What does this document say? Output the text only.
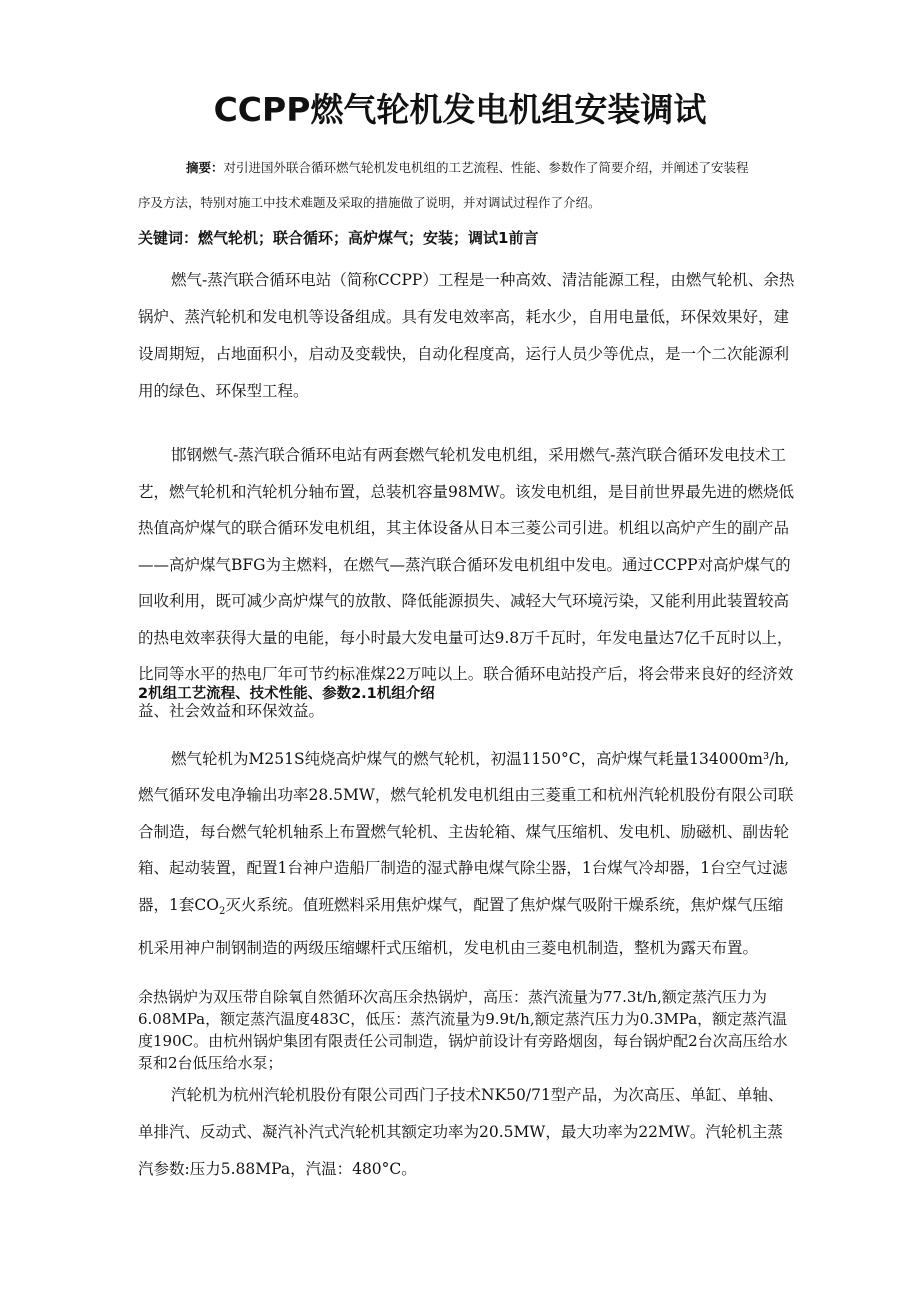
CCPP燃气轮机发电机组安装调试
摘要：对引进国外联合循环燃气轮机发电机组的工艺流程、性能、参数作了简要介绍，并阐述了安装程
序及方法，特别对施工中技术难题及采取的措施做了说明，并对调试过程作了介绍。
关键词：燃气轮机；联合循环；高炉煤气；安装；调试1前言

燃气-蒸汽联合循环电站（简称CCPP）工程是一种高效、清洁能源工程，由燃气轮机、余热锅炉、蒸汽轮机和发电机等设备组成。具有发电效率高，耗水少，自用电量低，环保效果好，建设周期短，占地面积小，启动及变载快，自动化程度高，运行人员少等优点，是一个二次能源利用的绿色、环保型工程。

邯钢燃气-蒸汽联合循环电站有两套燃气轮机发电机组，采用燃气-蒸汽联合循环发电技术工艺，燃气轮机和汽轮机分轴布置，总装机容量98MW。该发电机组，是目前世界最先进的燃烧低热值高炉煤气的联合循环发电机组，其主体设备从日本三菱公司引进。机组以高炉产生的副产品——高炉煤气BFG为主燃料，在燃气—蒸汽联合循环发电机组中发电。通过CCPP对高炉煤气的回收利用，既可减少高炉煤气的放散、降低能源损失、减轻大气环境污染，又能利用此装置较高的热电效率获得大量的电能，每小时最大发电量可达9.8万千瓦时，年发电量达7亿千瓦时以上，比同等水平的热电厂年可节约标准煤22万吨以上。联合循环电站投产后，将会带来良好的经济效益、社会效益和环保效益。

2机组工艺流程、技术性能、参数2.1机组介绍

燃气轮机为M251S纯烧高炉煤气的燃气轮机，初温1150°C，高炉煤气耗量134000m³/h,燃气循环发电净输出功率28.5MW，燃气轮机发电机组由三菱重工和杭州汽轮机股份有限公司联合制造，每台燃气轮机轴系上布置燃气轮机、主齿轮箱、煤气压缩机、发电机、励磁机、副齿轮箱、起动装置，配置1台神户造船厂制造的湿式静电煤气除尘器，1台煤气冷却器，1台空气过滤器，1套$CO_2$灭火系统。值班燃料采用焦炉煤气，配置了焦炉煤气吸附干燥系统，焦炉煤气压缩机采用神户制钢制造的两级压缩螺杆式压缩机，发电机由三菱电机制造，整机为露天布置。

余热锅炉为双压带自除氧自然循环次高压余热锅炉，高压：蒸汽流量为77.3t/h,额定蒸汽压力为6.08MPa，额定蒸汽温度483C，低压：蒸汽流量为9.9t/h,额定蒸汽压力为0.3MPa，额定蒸汽温度190C。由杭州锅炉集团有限责任公司制造，锅炉前设计有旁路烟囱，每台锅炉配2台次高压给水泵和2台低压给水泵；

汽轮机为杭州汽轮机股份有限公司西门子技术NK50/71型产品，为次高压、单缸、单轴、单排汽、反动式、凝汽补汽式汽轮机其额定功率为20.5MW，最大功率为22MW。汽轮机主蒸汽参数:压力5.88MPa，汽温：480°C。
